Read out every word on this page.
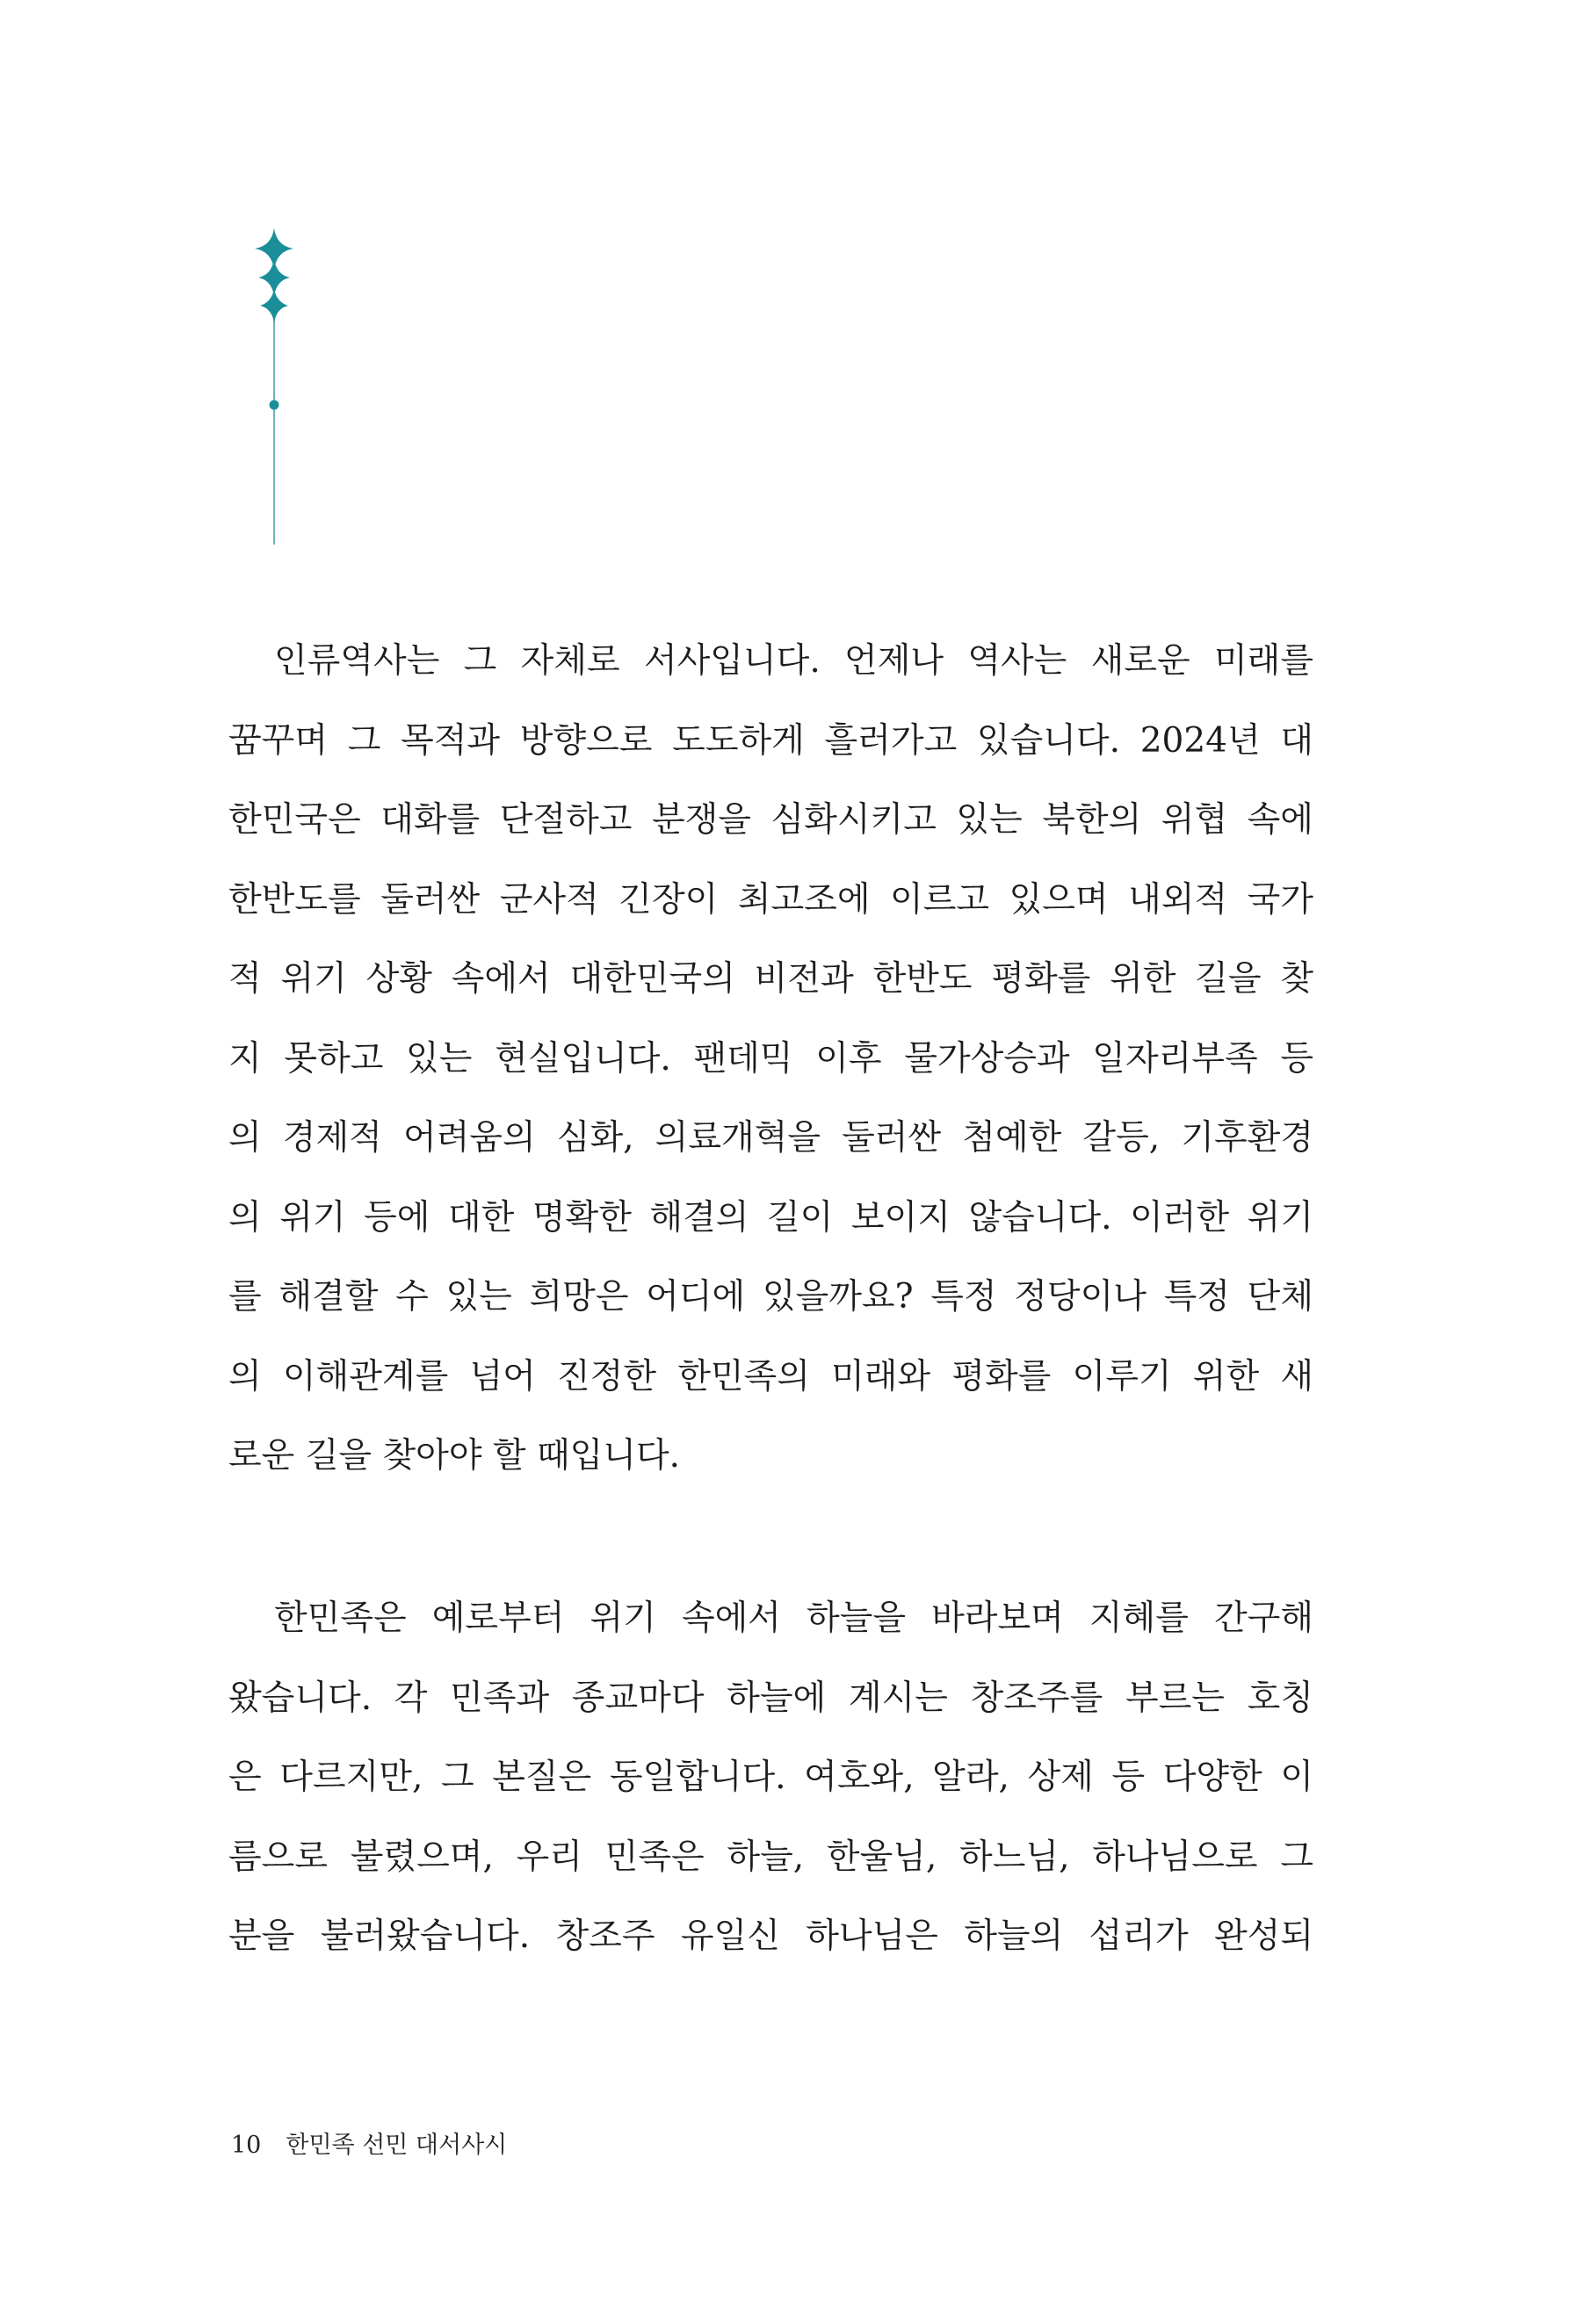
인류역사는 그 자체로 서사입니다. 언제나 역사는 새로운 미래를
꿈꾸며 그 목적과 방향으로 도도하게 흘러가고 있습니다. 2024년 대
한민국은 대화를 단절하고 분쟁을 심화시키고 있는 북한의 위협 속에
한반도를 둘러싼 군사적 긴장이 최고조에 이르고 있으며 내외적 국가
적 위기 상황 속에서 대한민국의 비전과 한반도 평화를 위한 길을 찾
지 못하고 있는 현실입니다. 팬데믹 이후 물가상승과 일자리부족 등
의 경제적 어려움의 심화, 의료개혁을 둘러싼 첨예한 갈등, 기후환경
의 위기 등에 대한 명확한 해결의 길이 보이지 않습니다. 이러한 위기
를 해결할 수 있는 희망은 어디에 있을까요? 특정 정당이나 특정 단체
의 이해관계를 넘어 진정한 한민족의 미래와 평화를 이루기 위한 새
로운 길을 찾아야 할 때입니다.
한민족은 예로부터 위기 속에서 하늘을 바라보며 지혜를 간구해
왔습니다. 각 민족과 종교마다 하늘에 계시는 창조주를 부르는 호칭
은 다르지만, 그 본질은 동일합니다. 여호와, 알라, 상제 등 다양한 이
름으로 불렸으며, 우리 민족은 하늘, 한울님, 하느님, 하나님으로 그
분을 불러왔습니다. 창조주 유일신 하나님은 하늘의 섭리가 완성되
10 한민족 선민 대서사시
